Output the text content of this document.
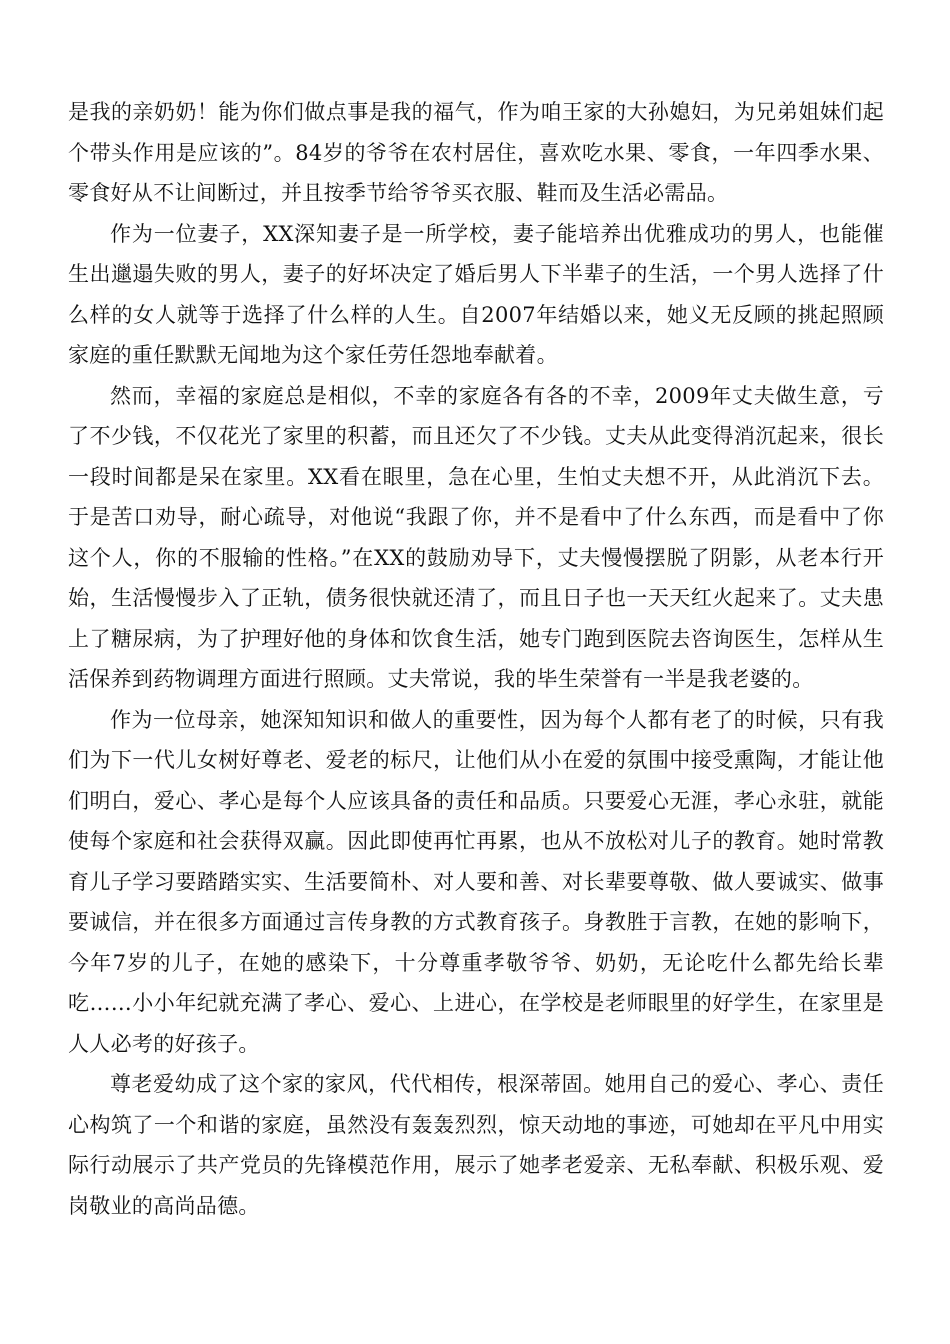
是我的亲奶奶！能为你们做点事是我的福气，作为咱王家的大孙媳妇，为兄弟姐妹们起个带头作用是应该的”。84岁的爷爷在农村居住，喜欢吃水果、零食，一年四季水果、零食好从不让间断过，并且按季节给爷爷买衣服、鞋而及生活必需品。

作为一位妻子，XX深知妻子是一所学校，妻子能培养出优雅成功的男人，也能催生出邋遢失败的男人，妻子的好坏决定了婚后男人下半辈子的生活，一个男人选择了什么样的女人就等于选择了什么样的人生。自2007年结婚以来，她义无反顾的挑起照顾家庭的重任默默无闻地为这个家任劳任怨地奉献着。

然而，幸福的家庭总是相似，不幸的家庭各有各的不幸，2009年丈夫做生意，亏了不少钱，不仅花光了家里的积蓄，而且还欠了不少钱。丈夫从此变得消沉起来，很长一段时间都是呆在家里。XX看在眼里，急在心里，生怕丈夫想不开，从此消沉下去。于是苦口劝导，耐心疏导，对他说“我跟了你，并不是看中了什么东西，而是看中了你这个人，你的不服输的性格。”在XX的鼓励劝导下，丈夫慢慢摆脱了阴影，从老本行开始，生活慢慢步入了正轨，债务很快就还清了，而且日子也一天天红火起来了。丈夫患上了糖尿病，为了护理好他的身体和饮食生活，她专门跑到医院去咨询医生，怎样从生活保养到药物调理方面进行照顾。丈夫常说，我的毕生荣誉有一半是我老婆的。

作为一位母亲，她深知知识和做人的重要性，因为每个人都有老了的时候，只有我们为下一代儿女树好尊老、爱老的标尺，让他们从小在爱的氛围中接受熏陶，才能让他们明白，爱心、孝心是每个人应该具备的责任和品质。只要爱心无涯，孝心永驻，就能使每个家庭和社会获得双赢。因此即使再忙再累，也从不放松对儿子的教育。她时常教育儿子学习要踏踏实实、生活要简朴、对人要和善、对长辈要尊敬、做人要诚实、做事要诚信，并在很多方面通过言传身教的方式教育孩子。身教胜于言教，在她的影响下，今年7岁的儿子，在她的感染下，十分尊重孝敬爷爷、奶奶，无论吃什么都先给长辈吃……小小年纪就充满了孝心、爱心、上进心，在学校是老师眼里的好学生，在家里是人人必考的好孩子。

尊老爱幼成了这个家的家风，代代相传，根深蒂固。她用自己的爱心、孝心、责任心构筑了一个和谐的家庭，虽然没有轰轰烈烈，惊天动地的事迹，可她却在平凡中用实际行动展示了共产党员的先锋模范作用，展示了她孝老爱亲、无私奉献、积极乐观、爱岗敬业的高尚品德。
